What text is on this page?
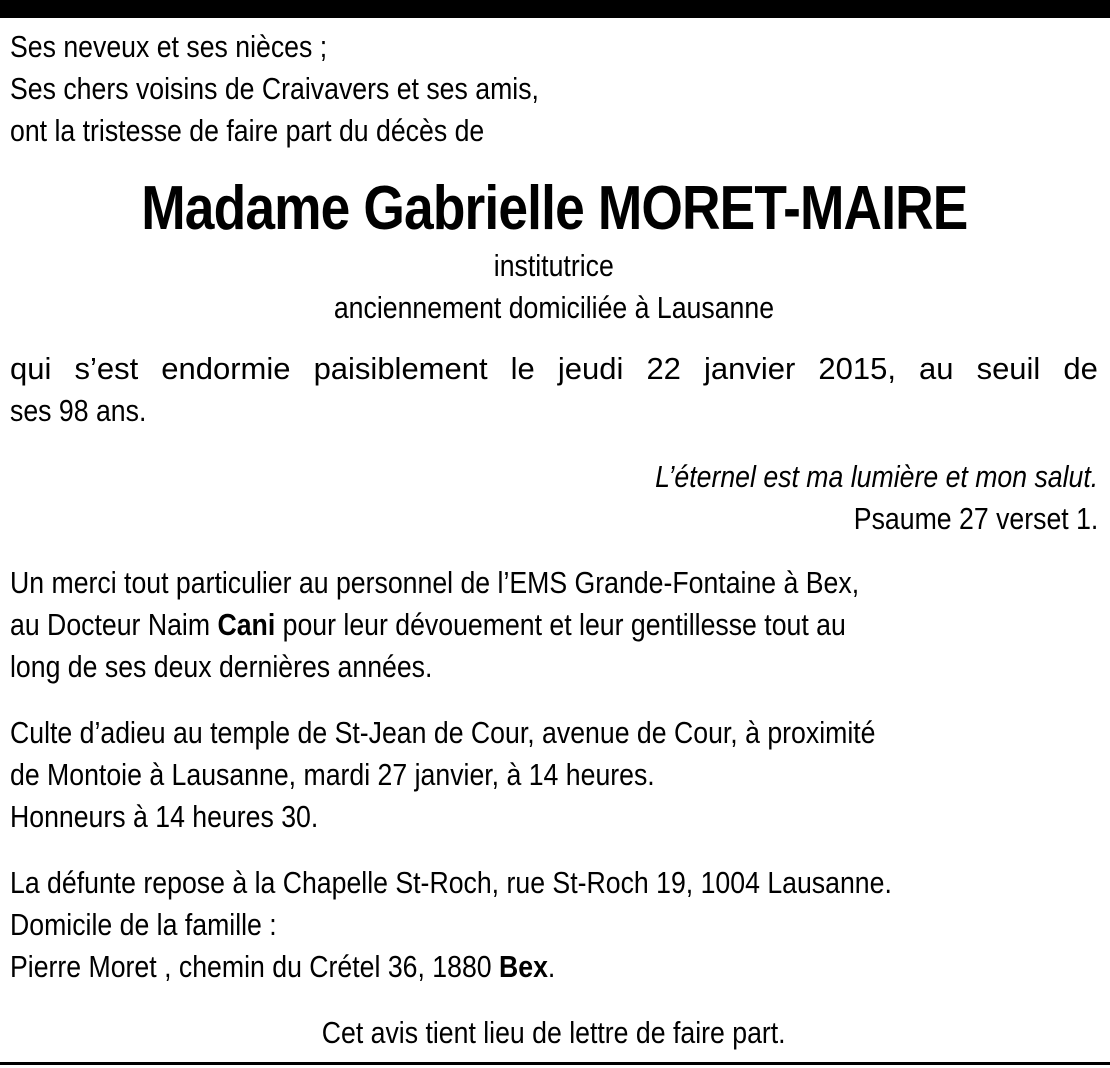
Ses neveux et ses nièces ;
Ses chers voisins de Craivavers et ses amis,
ont la tristesse de faire part du décès de
Madame Gabrielle MORET-MAIRE
institutrice
anciennement domiciliée à Lausanne
qui s’est endormie paisiblement le jeudi 22 janvier 2015, au seuil de
ses 98 ans.
L’éternel est ma lumière et mon salut.
Psaume 27 verset 1.
Un merci tout particulier au personnel de l’EMS Grande-Fontaine à Bex,
au Docteur Naim Cani pour leur dévouement et leur gentillesse tout au
long de ses deux dernières années.
Culte d’adieu au temple de St-Jean de Cour, avenue de Cour, à proximité
de Montoie à Lausanne, mardi 27 janvier, à 14 heures.
Honneurs à 14 heures 30.
La défunte repose à la Chapelle St-Roch, rue St-Roch 19, 1004 Lausanne.
Domicile de la famille :
Pierre Moret , chemin du Crétel 36, 1880 Bex.
Cet avis tient lieu de lettre de faire part.
